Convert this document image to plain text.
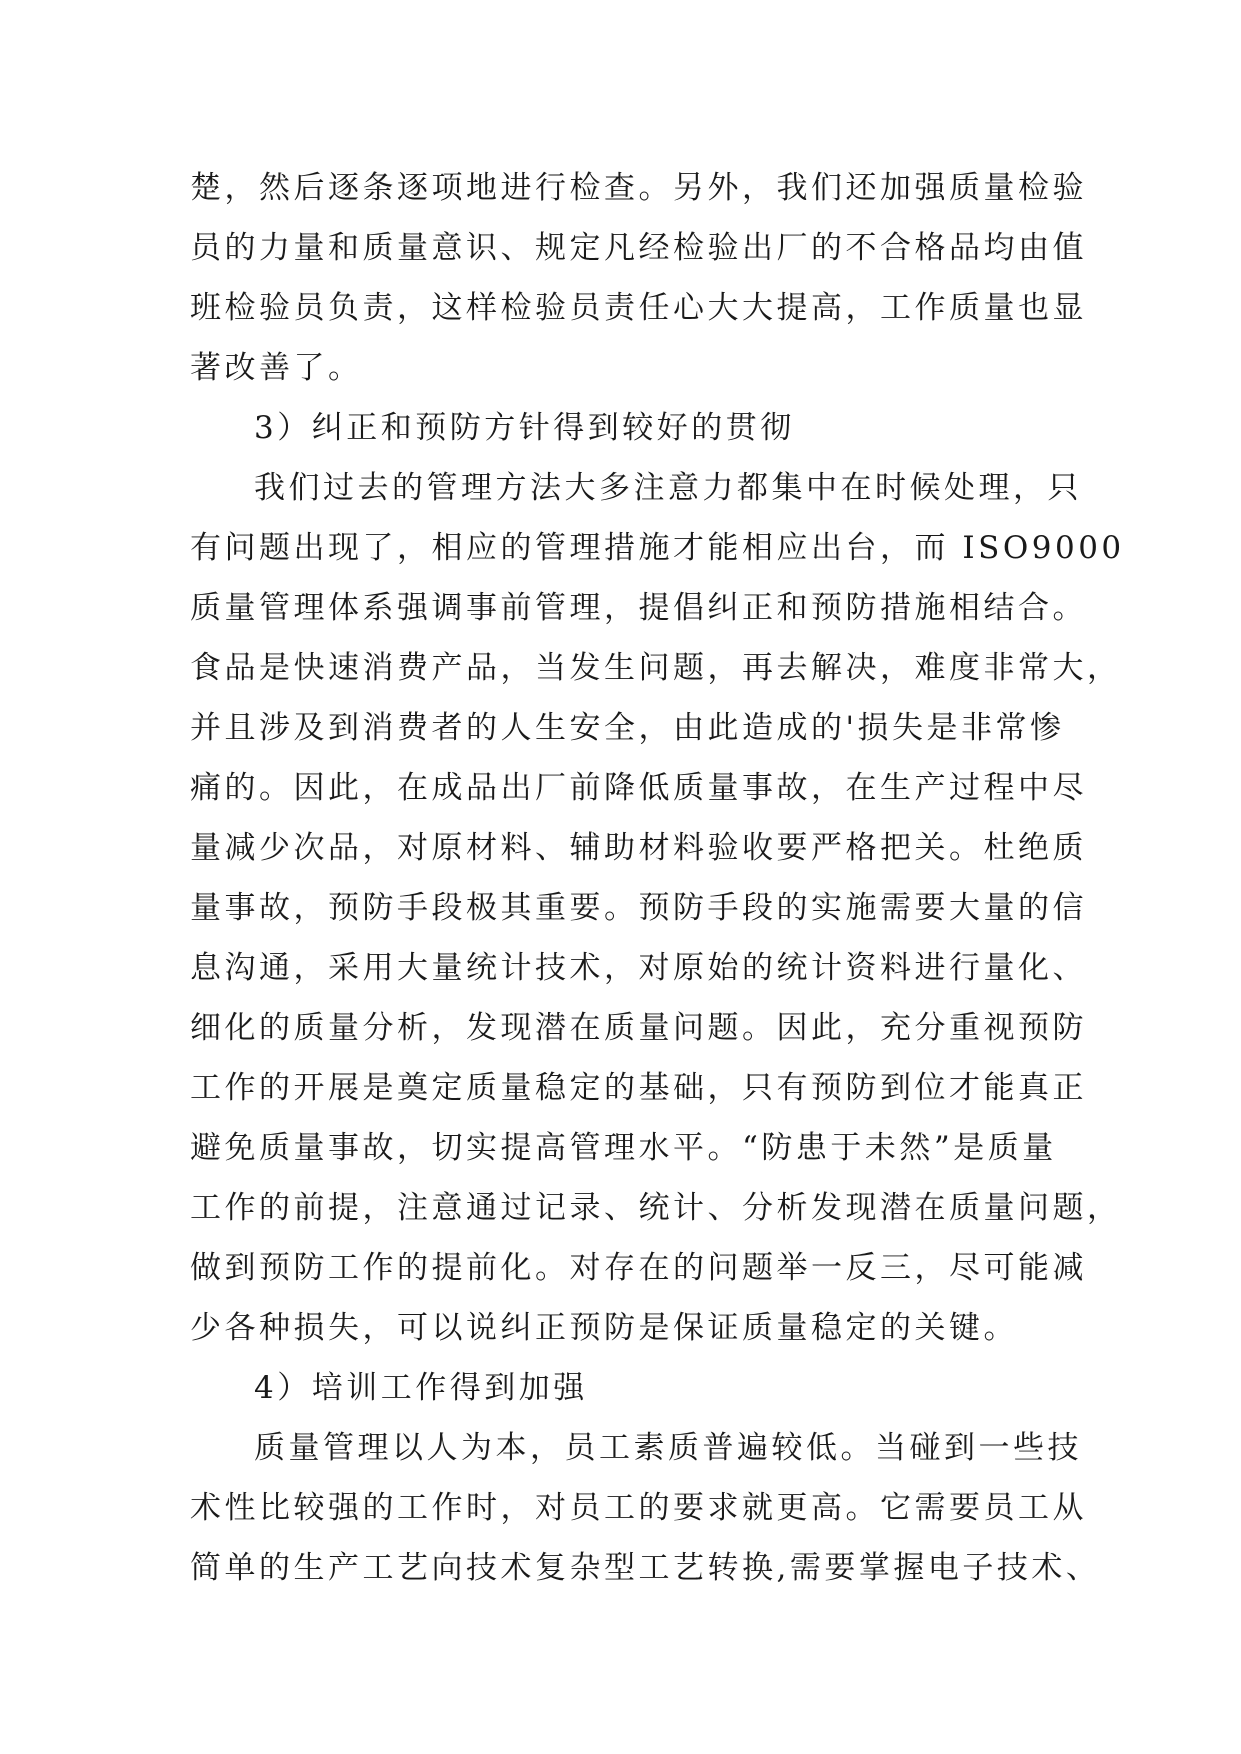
楚，然后逐条逐项地进行检查。另外，我们还加强质量检验
员的力量和质量意识、规定凡经检验出厂的不合格品均由值
班检验员负责，这样检验员责任心大大提高，工作质量也显
著改善了。
3）纠正和预防方针得到较好的贯彻
我们过去的管理方法大多注意力都集中在时候处理，只
有问题出现了，相应的管理措施才能相应出台，而 ISO9000
质量管理体系强调事前管理，提倡纠正和预防措施相结合。
食品是快速消费产品，当发生问题，再去解决，难度非常大，
并且涉及到消费者的人生安全，由此造成的'损失是非常惨
痛的。因此，在成品出厂前降低质量事故，在生产过程中尽
量减少次品，对原材料、辅助材料验收要严格把关。杜绝质
量事故，预防手段极其重要。预防手段的实施需要大量的信
息沟通，采用大量统计技术，对原始的统计资料进行量化、
细化的质量分析，发现潜在质量问题。因此，充分重视预防
工作的开展是奠定质量稳定的基础，只有预防到位才能真正
避免质量事故，切实提高管理水平。“防患于未然”是质量
工作的前提，注意通过记录、统计、分析发现潜在质量问题，
做到预防工作的提前化。对存在的问题举一反三，尽可能减
少各种损失，可以说纠正预防是保证质量稳定的关键。
4）培训工作得到加强
质量管理以人为本，员工素质普遍较低。当碰到一些技
术性比较强的工作时，对员工的要求就更高。它需要员工从
简单的生产工艺向技术复杂型工艺转换,需要掌握电子技术、
